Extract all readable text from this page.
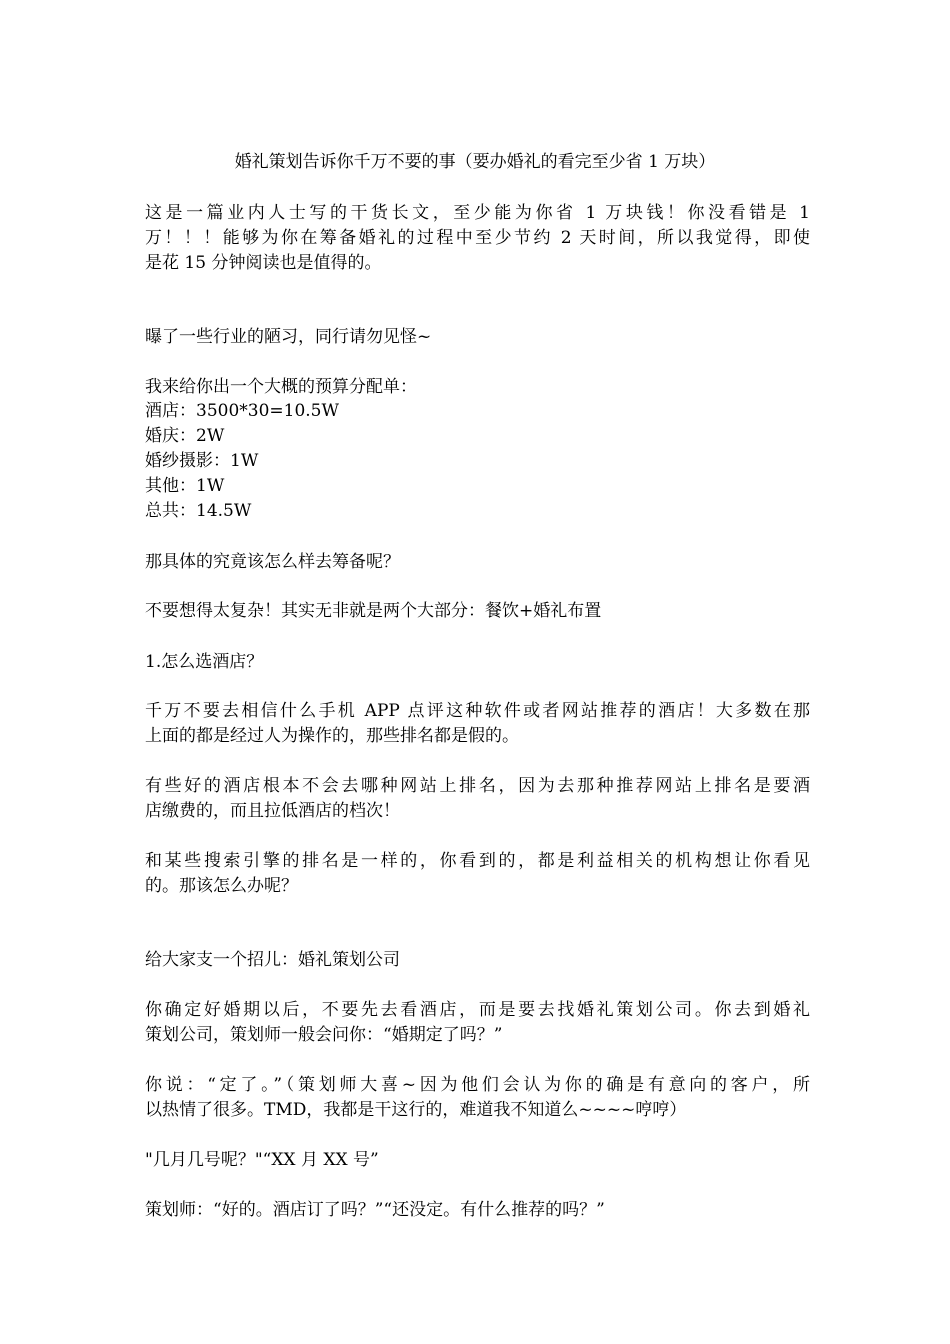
婚礼策划告诉你千万不要的事（要办婚礼的看完至少省 1 万块）
这是一篇业内人士写的干货长文，至少能为你省 1 万块钱！你没看错是 1
万！！！能够为你在筹备婚礼的过程中至少节约 2 天时间，所以我觉得，即使
是花 15 分钟阅读也是值得的。
曝了一些行业的陋习，同行请勿见怪~
我来给你出一个大概的预算分配单：
酒店：3500*30=10.5W
婚庆：2W
婚纱摄影：1W
其他：1W
总共：14.5W
那具体的究竟该怎么样去筹备呢？
不要想得太复杂！其实无非就是两个大部分：餐饮+婚礼布置
1.怎么选酒店？
千万不要去相信什么手机 APP 点评这种软件或者网站推荐的酒店！大多数在那
上面的都是经过人为操作的，那些排名都是假的。
有些好的酒店根本不会去哪种网站上排名，因为去那种推荐网站上排名是要酒
店缴费的，而且拉低酒店的档次！
和某些搜索引擎的排名是一样的，你看到的，都是利益相关的机构想让你看见
的。那该怎么办呢？
给大家支一个招儿：婚礼策划公司
你确定好婚期以后，不要先去看酒店，而是要去找婚礼策划公司。你去到婚礼
策划公司，策划师一般会问你：“婚期定了吗？”
你说：“定了。”（策划师大喜~因为他们会认为你的确是有意向的客户，所
以热情了很多。TMD，我都是干这行的，难道我不知道么~~~~哼哼）
"几月几号呢？"“XX 月 XX 号”
策划师：“好的。酒店订了吗？”“还没定。有什么推荐的吗？”
